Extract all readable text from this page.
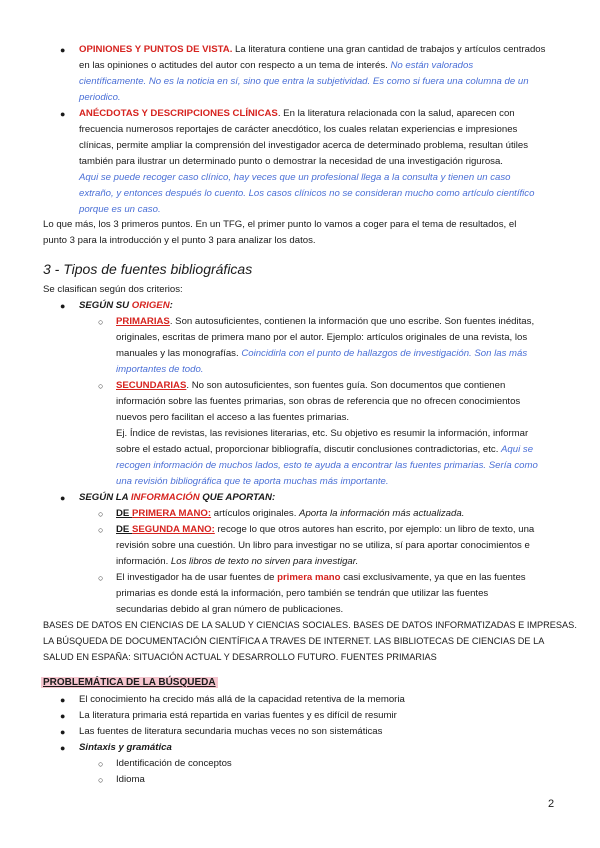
● OPINIONES Y PUNTOS DE VISTA. La literatura contiene una gran cantidad de trabajos y artículos centrados
en las opiniones o actitudes del autor con respecto a un tema de interés. No están valorados
científicamente. No es la noticia en sí, sino que entra la subjetividad. Es como si fuera una columna de un
periodico.
● ANÉCDOTAS Y DESCRIPCIONES CLÍNICAS. En la literatura relacionada con la salud, aparecen con
frecuencia numerosos reportajes de carácter anecdótico, los cuales relatan experiencias e impresiones
clínicas, permite ampliar la comprensión del investigador acerca de determinado problema, resultan útiles
también para ilustrar un determinado punto o demostrar la necesidad de una investigación rigurosa.
Aqui se puede recoger caso clínico, hay veces que un profesional llega a la consulta y tienen un caso
extraño, y entonces después lo cuento. Los casos clínicos no se consideran mucho como artículo científico
porque es un caso.
Lo que más, los 3 primeros puntos. En un TFG, el primer punto lo vamos a coger para el tema de resultados, el
punto 3 para la introducción y el punto 3 para analizar los datos.
3 - Tipos de fuentes bibliográficas
Se clasifican según dos criterios:
● SEGÚN SU ORIGEN:
○ PRIMARIAS. Son autosuficientes, contienen la información que uno escribe. Son fuentes inéditas,
originales, escritas de primera mano por el autor. Ejemplo: artículos originales de una revista, los
manuales y las monografías. Coincidirla con el punto de hallazgos de investigación. Son las más
importantes de todo.
○ SECUNDARIAS. No son autosuficientes, son fuentes guía. Son documentos que contienen
información sobre las fuentes primarias, son obras de referencia que no ofrecen conocimientos
nuevos pero facilitan el acceso a las fuentes primarias.
Ej. Índice de revistas, las revisiones literarias, etc. Su objetivo es resumir la información, informar
sobre el estado actual, proporcionar bibliografía, discutir conclusiones contradictorias, etc. Aqui se
recogen información de muchos lados, esto te ayuda a encontrar las fuentes primarias. Sería como
una revisión bibliográfica que te aporta muchas más importante.
● SEGÚN LA INFORMACIÓN QUE APORTAN:
○ DE PRIMERA MANO: artículos originales. Aporta la información más actualizada.
○ DE SEGUNDA MANO: recoge lo que otros autores han escrito, por ejemplo: un libro de texto, una
revisión sobre una cuestión. Un libro para investigar no se utiliza, sí para aportar conocimientos e
información. Los libros de texto no sirven para investigar.
○ El investigador ha de usar fuentes de primera mano casi exclusivamente, ya que en las fuentes
primarias es donde está la información, pero también se tendrán que utilizar las fuentes
secundarias debido al gran número de publicaciones.
BASES DE DATOS EN CIENCIAS DE LA SALUD Y CIENCIAS SOCIALES. BASES DE DATOS INFORMATIZADAS E IMPRESAS.
LA BÚSQUEDA DE DOCUMENTACIÓN CIENTÍFICA A TRAVES DE INTERNET. LAS BIBLIOTECAS DE CIENCIAS DE LA
SALUD EN ESPAÑA: SITUACIÓN ACTUAL Y DESARROLLO FUTURO. FUENTES PRIMARIAS
PROBLEMÁTICA DE LA BÚSQUEDA
● El conocimiento ha crecido más allá de la capacidad retentiva de la memoria
● La literatura primaria está repartida en varias fuentes y es difícil de resumir
● Las fuentes de literatura secundaria muchas veces no son sistemáticas
● Sintaxis y gramática
○ Identificación de conceptos
○ Idioma
2
